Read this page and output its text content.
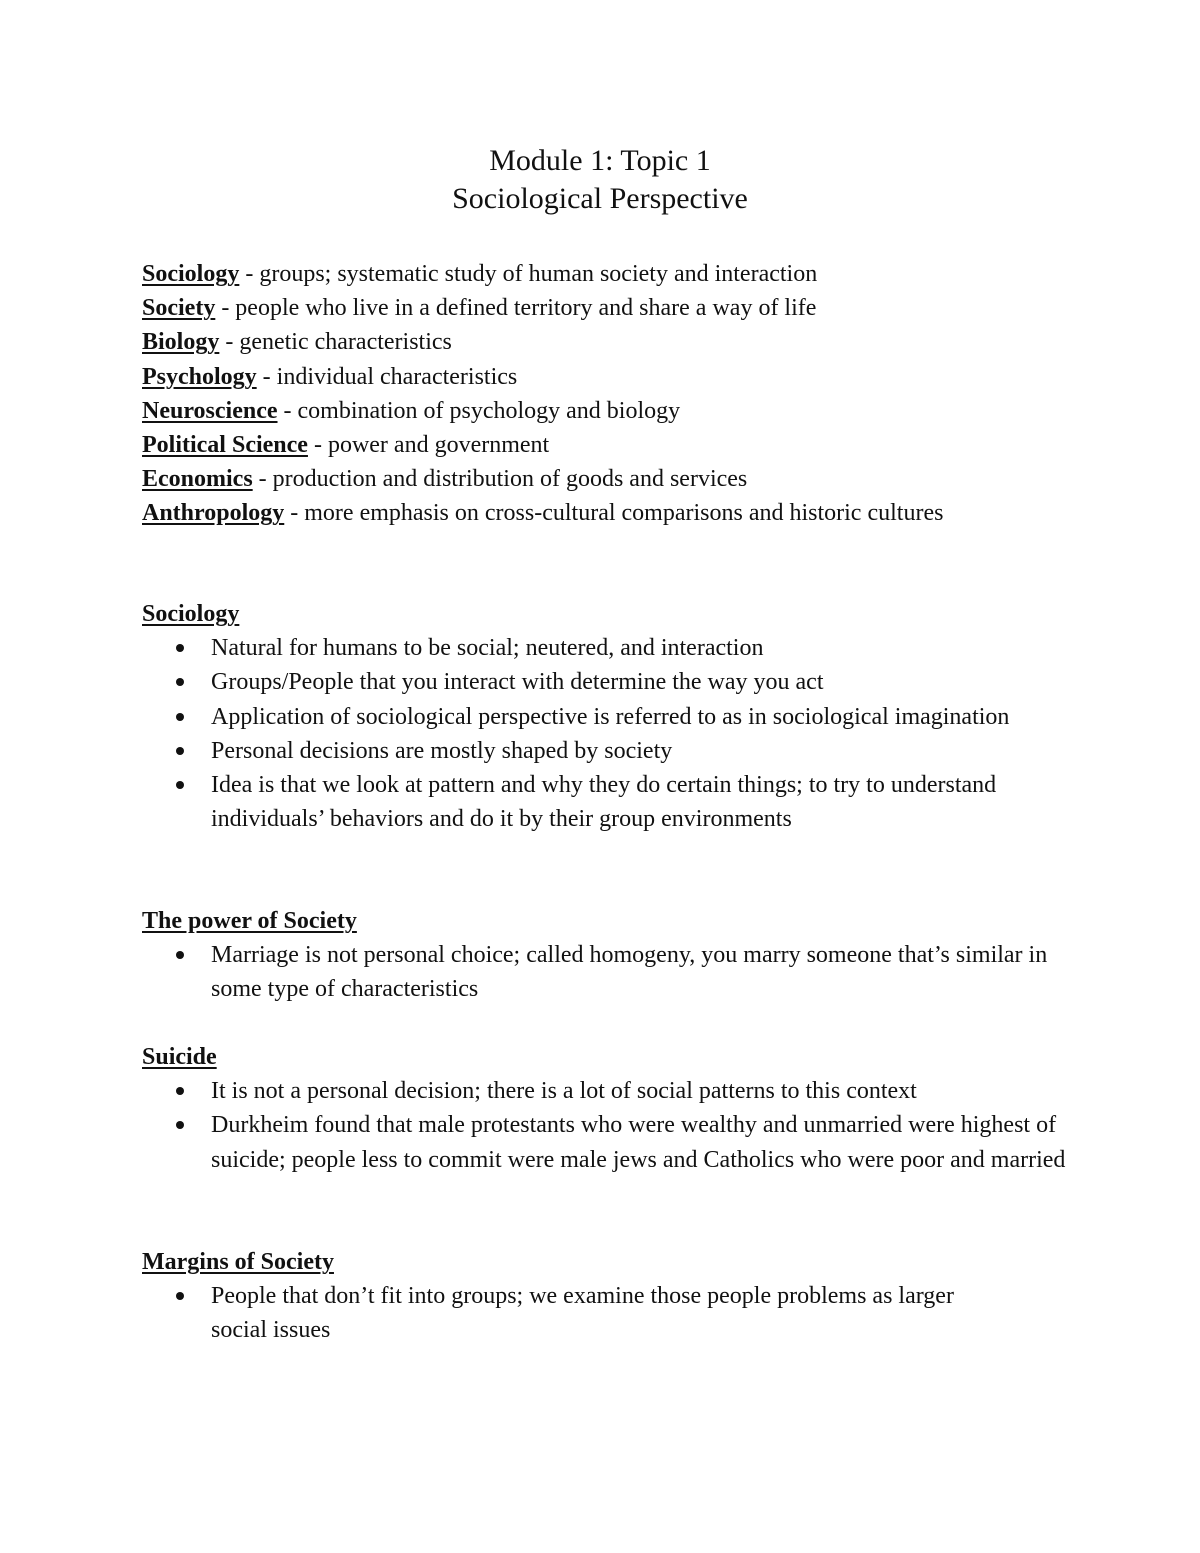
Module 1: Topic 1
Sociological Perspective
Sociology - groups; systematic study of human society and interaction
Society - people who live in a defined territory and share a way of life
Biology - genetic characteristics
Psychology - individual characteristics
Neuroscience - combination of psychology and biology
Political Science - power and government
Economics - production and distribution of goods and services
Anthropology - more emphasis on cross-cultural comparisons and historic cultures
Sociology
Natural for humans to be social; neutered, and interaction
Groups/People that you interact with determine the way you act
Application of sociological perspective is referred to as in sociological imagination
Personal decisions are mostly shaped by society
Idea is that we look at pattern and why they do certain things; to try to understand individuals’ behaviors and do it by their group environments
The power of Society
Marriage is not personal choice; called homogeny, you marry someone that’s similar in some type of characteristics
Suicide
It is not a personal decision; there is a lot of social patterns to this context
Durkheim found that male protestants who were wealthy and unmarried were highest of suicide; people less to commit were male jews and Catholics who were poor and married
Margins of Society
People that don’t fit into groups; we examine those people problems as larger social issues
